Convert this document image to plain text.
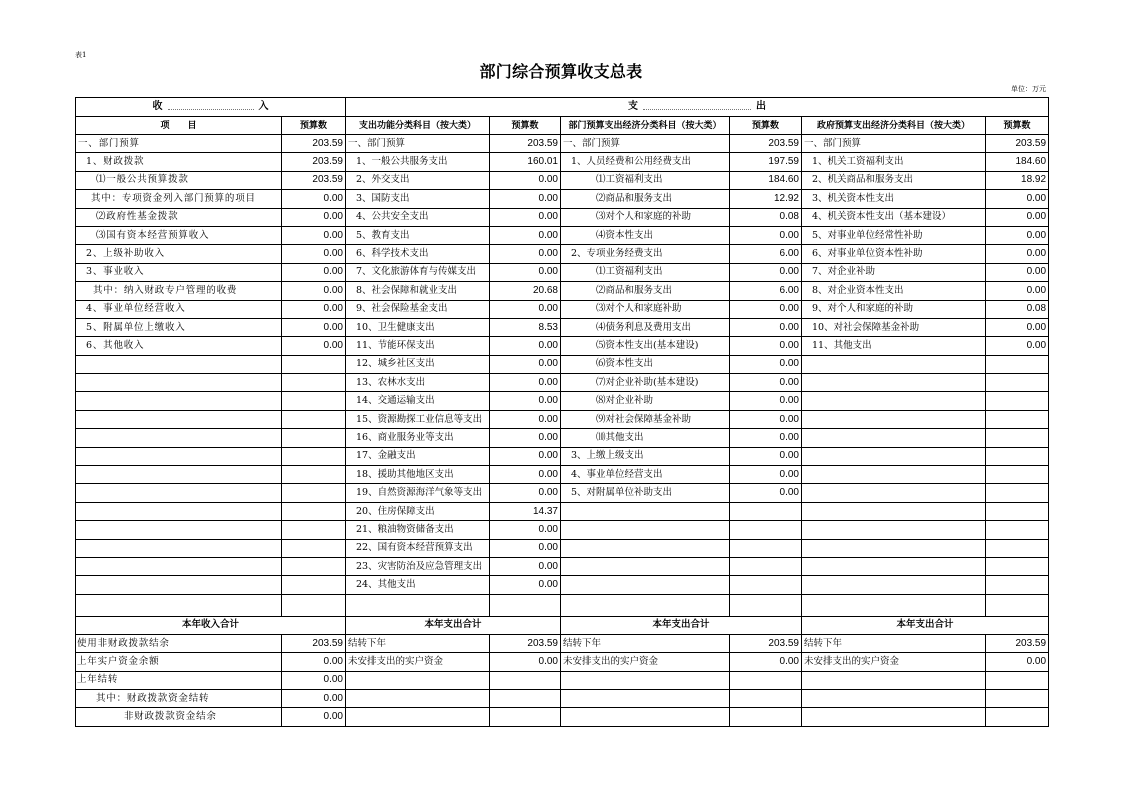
表1
部门综合预算收支总表
单位：万元
收 入		支 出					

项　　目	预算数	支出功能分类科目（按大类）	预算数	部门预算支出经济分类科目（按大类）	预算数	政府预算支出经济分类科目（按大类）	预算数
一、部门预算	203.59	一、部门预算	203.59	一、部门预算	203.59	一、部门预算	203.59
1、财政拨款	203.59	1、一般公共服务支出	160.01	1、人员经费和公用经费支出	197.59	1、机关工资福利支出	184.60
⑴一般公共预算拨款	203.59	2、外交支出	0.00	⑴工资福利支出	184.60	2、机关商品和服务支出	18.92
其中：专项资金列入部门预算的项目	0.00	3、国防支出	0.00	⑵商品和服务支出	12.92	3、机关资本性支出	0.00
⑵政府性基金拨款	0.00	4、公共安全支出	0.00	⑶对个人和家庭的补助	0.08	4、机关资本性支出（基本建设）	0.00
⑶国有资本经营预算收入	0.00	5、教育支出	0.00	⑷资本性支出	0.00	5、对事业单位经常性补助	0.00
2、上级补助收入	0.00	6、科学技术支出	0.00	2、专项业务经费支出	6.00	6、对事业单位资本性补助	0.00
3、事业收入	0.00	7、文化旅游体育与传媒支出	0.00	⑴工资福利支出	0.00	7、对企业补助	0.00
其中：纳入财政专户管理的收费	0.00	8、社会保障和就业支出	20.68	⑵商品和服务支出	6.00	8、对企业资本性支出	0.00
4、事业单位经营收入	0.00	9、社会保险基金支出	0.00	⑶对个人和家庭补助	0.00	9、对个人和家庭的补助	0.08
5、附属单位上缴收入	0.00	10、卫生健康支出	8.53	⑷债务利息及费用支出	0.00	10、对社会保障基金补助	0.00
6、其他收入	0.00	11、节能环保支出	0.00	⑸资本性支出(基本建设)	0.00	11、其他支出	0.00
		12、城乡社区支出	0.00	⑹资本性支出	0.00		
		13、农林水支出	0.00	⑺对企业补助(基本建设)	0.00		
		14、交通运输支出	0.00	⑻对企业补助	0.00		
		15、资源勘探工业信息等支出	0.00	⑼对社会保障基金补助	0.00		
		16、商业服务业等支出	0.00	⑽其他支出	0.00		
		17、金融支出	0.00	3、上缴上级支出	0.00		
		18、援助其他地区支出	0.00	4、事业单位经营支出	0.00		
		19、自然资源海洋气象等支出	0.00	5、对附属单位补助支出	0.00		
		20、住房保障支出	14.37				
		21、粮油物资储备支出	0.00				
		22、国有资本经营预算支出	0.00				
		23、灾害防治及应急管理支出	0.00				
		24、其他支出	0.00				

本年收入合计		本年支出合计		本年支出合计		本年支出合计	
使用非财政拨款结余	203.59	结转下年	203.59	结转下年	203.59	结转下年	203.59
上年实户资金余额	0.00	未安排支出的实户资金	0.00	未安排支出的实户资金	0.00	未安排支出的实户资金	0.00
上年结转	0.00						
其中：财政拨款资金结转	0.00						
非财政拨款资金结余	0.00						
